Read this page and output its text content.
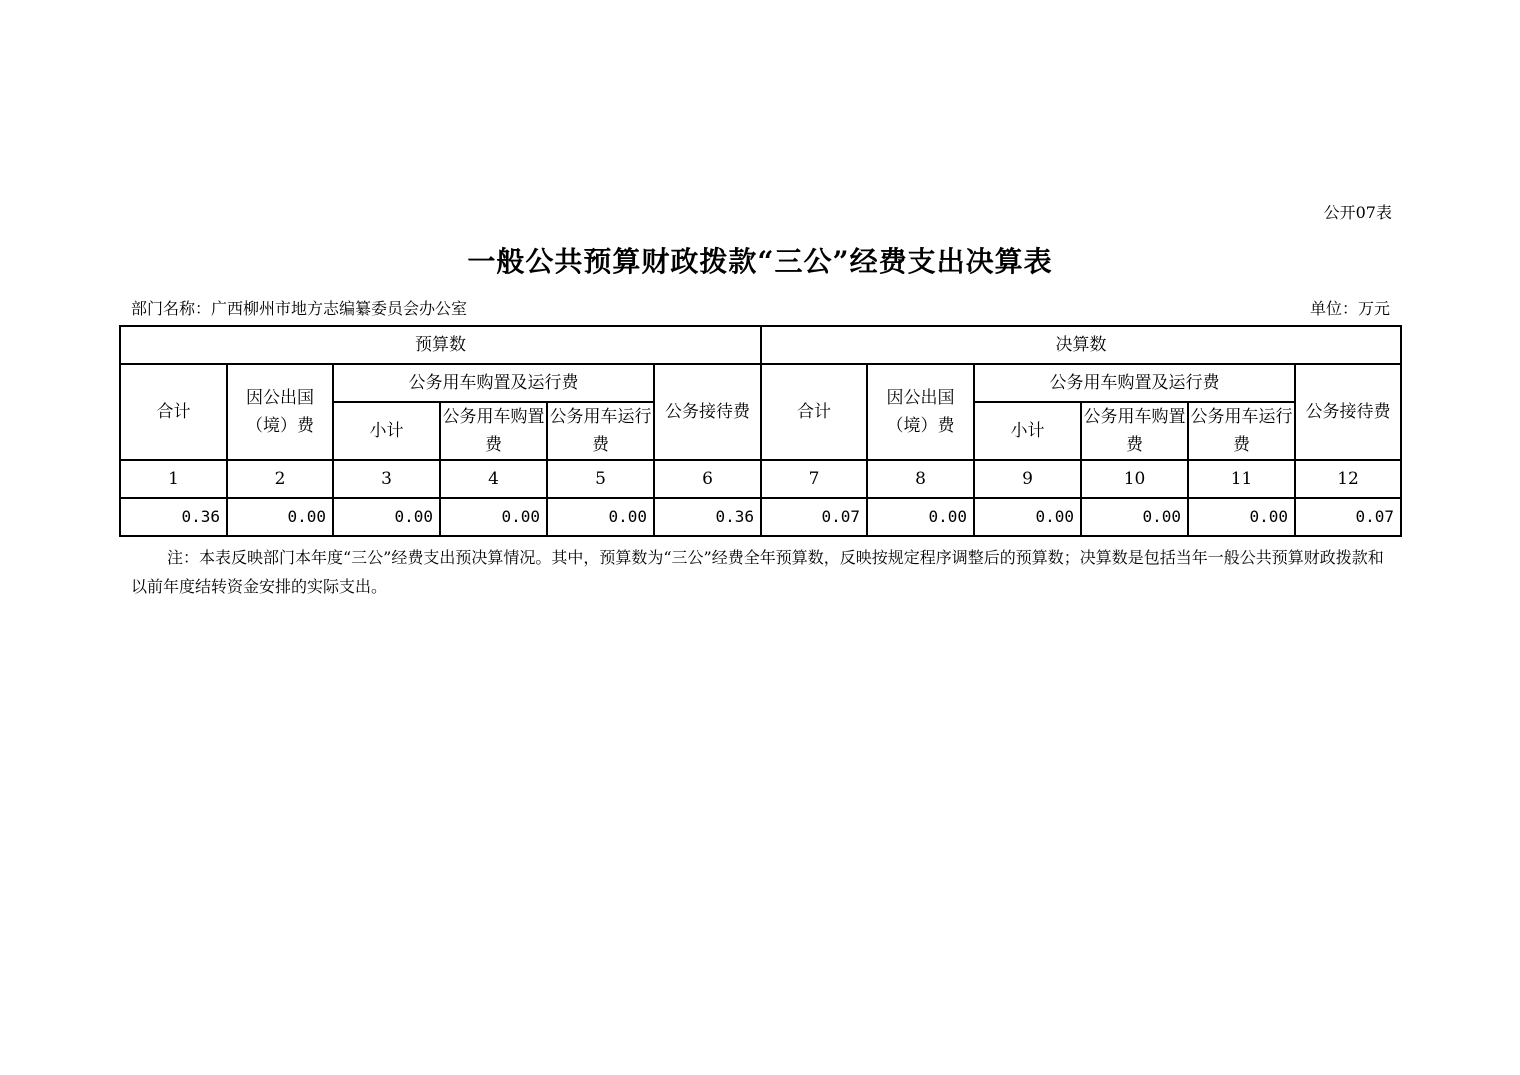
公开07表
一般公共预算财政拨款“三公”经费支出决算表
部门名称：广西柳州市地方志编纂委员会办公室	单位：万元
预算数						决算数					
合计	因公出国（境）费	公务用车购置及运行费			公务接待费	合计	因公出国（境）费	公务用车购置及运行费			公务接待费
		小计	公务用车购置费	公务用车运行费				小计	公务用车购置费	公务用车运行费	
1	2	3	4	5	6	7	8	9	10	11	12
0.36	0.00	0.00	0.00	0.00	0.36	0.07	0.00	0.00	0.00	0.00	0.07
注：本表反映部门本年度“三公”经费支出预决算情况。其中，预算数为“三公”经费全年预算数，反映按规定程序调整后的预算数；决算数是包括当年一般公共预算财政拨款和以前年度结转资金安排的实际支出。
